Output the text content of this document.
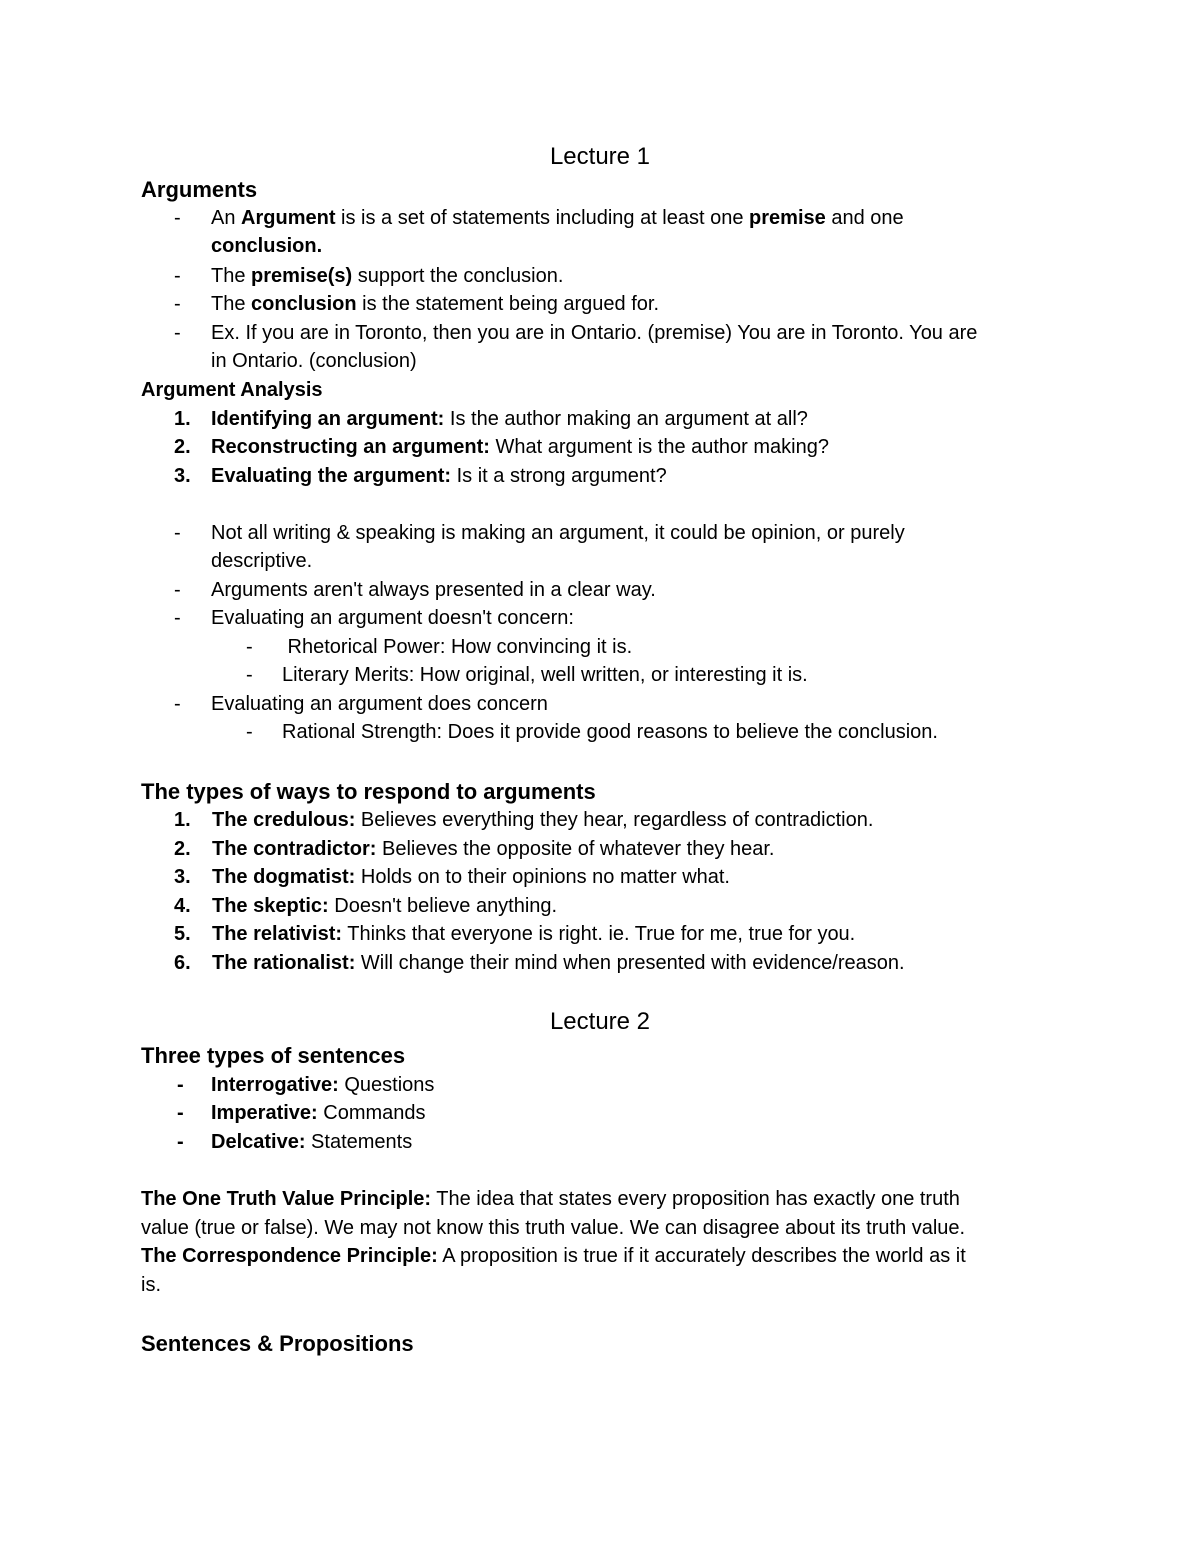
Lecture 1
Arguments
- An Argument is is a set of statements including at least one premise and one
conclusion.
- The premise(s) support the conclusion.
- The conclusion is the statement being argued for.
- Ex. If you are in Toronto, then you are in Ontario. (premise) You are in Toronto. You are
in Ontario. (conclusion)
Argument Analysis
1. Identifying an argument: Is the author making an argument at all?
2. Reconstructing an argument: What argument is the author making?
3. Evaluating the argument: Is it a strong argument?
- Not all writing & speaking is making an argument, it could be opinion, or purely
descriptive.
- Arguments aren't always presented in a clear way.
- Evaluating an argument doesn't concern:
- Rhetorical Power: How convincing it is.
- Literary Merits: How original, well written, or interesting it is.
- Evaluating an argument does concern
- Rational Strength: Does it provide good reasons to believe the conclusion.
The types of ways to respond to arguments
1. The credulous: Believes everything they hear, regardless of contradiction.
2. The contradictor: Believes the opposite of whatever they hear.
3. The dogmatist: Holds on to their opinions no matter what.
4. The skeptic: Doesn't believe anything.
5. The relativist: Thinks that everyone is right. ie. True for me, true for you.
6. The rationalist: Will change their mind when presented with evidence/reason.
Lecture 2
Three types of sentences
- Interrogative: Questions
- Imperative: Commands
- Delcative: Statements
The One Truth Value Principle: The idea that states every proposition has exactly one truth
value (true or false). We may not know this truth value. We can disagree about its truth value.
The Correspondence Principle: A proposition is true if it accurately describes the world as it
is.
Sentences & Propositions
